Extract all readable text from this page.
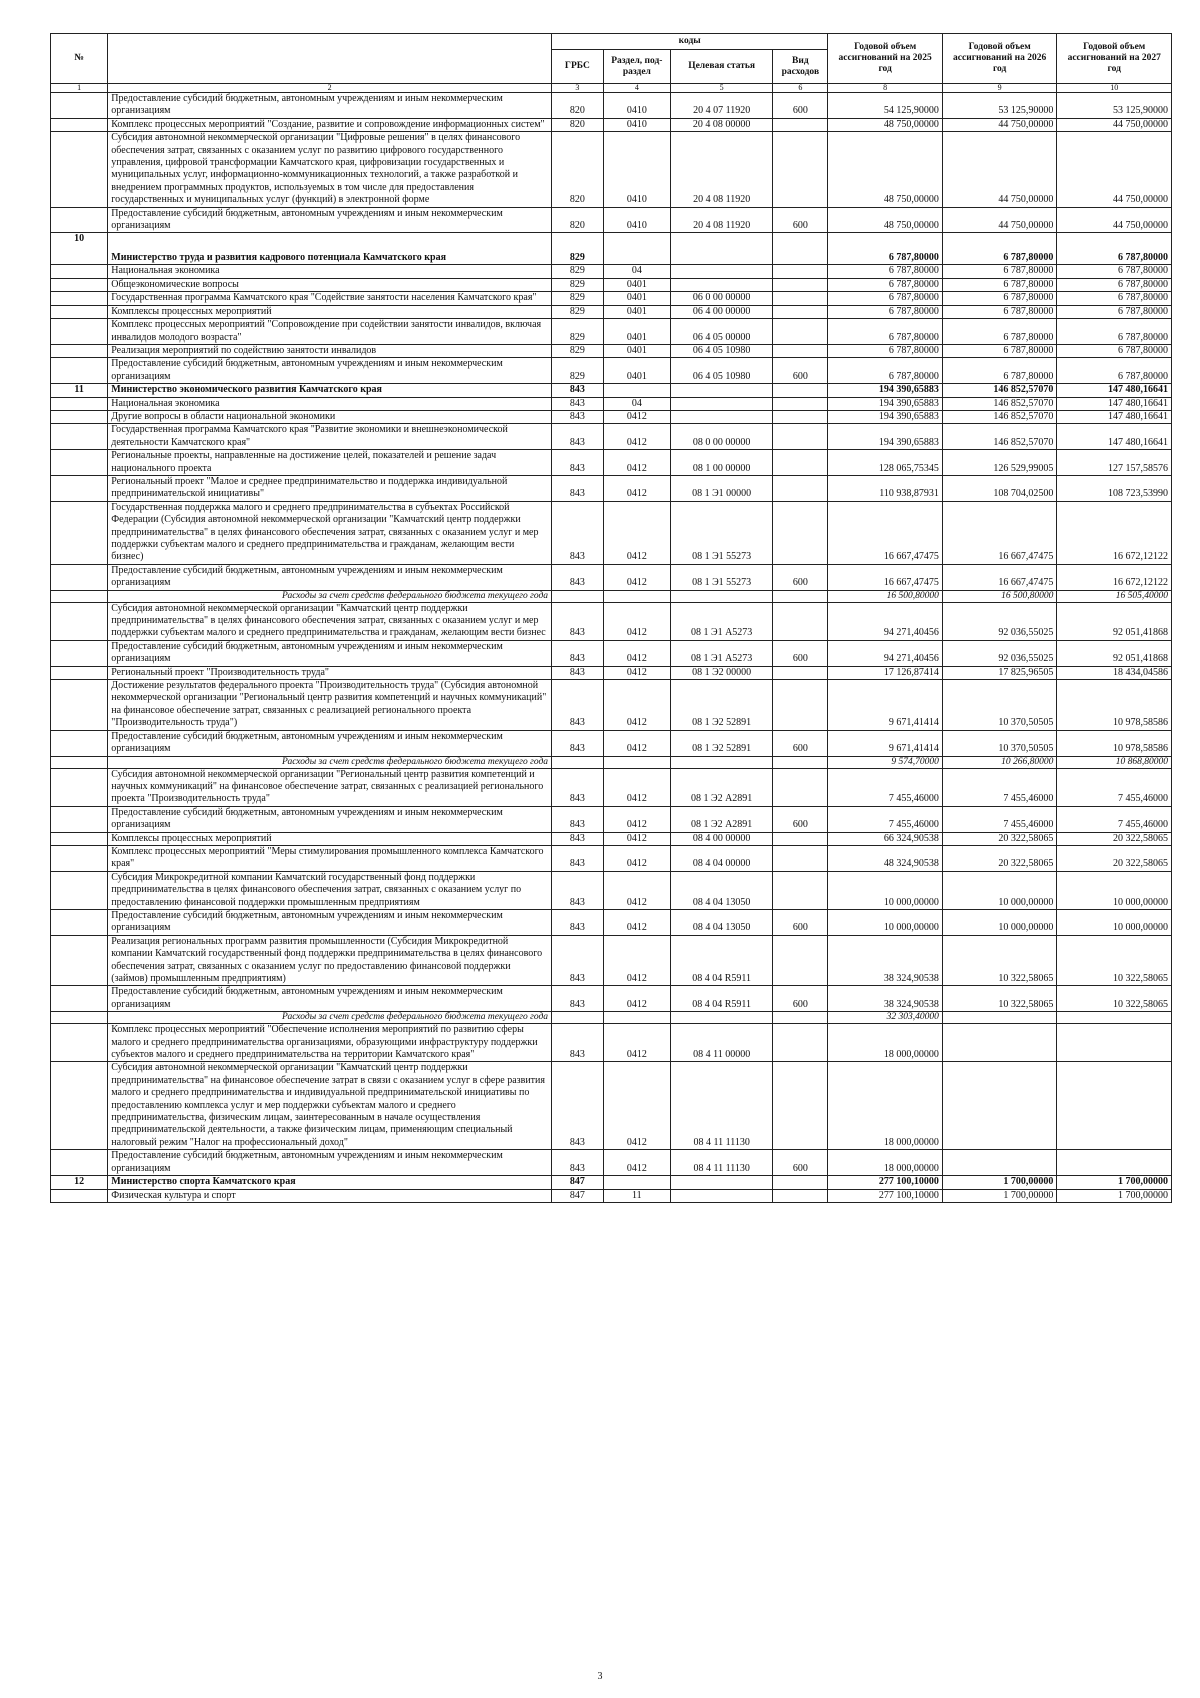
№		коды				Годовой объем ассигнований на 2025 год	Годовой объем ассигнований на 2026 год	Годовой объем ассигнований на 2027 год
		ГРБС	Раздел, под-раздел	Целевая статья	Вид расходов			
1	2	3	4	5	6	8	9	10
	Предоставление субсидий бюджетным, автономным учреждениям и иным некоммерческим организациям	820	0410	20 4 07 11920	600	54 125,90000	53 125,90000	53 125,90000
	Комплекс процессных мероприятий "Создание, развитие и сопровождение информационных систем"	820	0410	20 4 08 00000		48 750,00000	44 750,00000	44 750,00000
	Субсидия автономной некоммерческой организации "Цифровые решения" в целях финансового обеспечения затрат, связанных с оказанием услуг по развитию цифрового государственного управления, цифровой трансформации Камчатского края, цифровизации государственных и муниципальных услуг, информационно-коммуникационных технологий, а также разработкой и внедрением программных продуктов, используемых в том числе для предоставления государственных и муниципальных услуг (функций) в электронной форме	820	0410	20 4 08 11920		48 750,00000	44 750,00000	44 750,00000
	Предоставление субсидий бюджетным, автономным учреждениям и иным некоммерческим организациям	820	0410	20 4 08 11920	600	48 750,00000	44 750,00000	44 750,00000
10	Министерство труда и развития кадрового потенциала Камчатского края	829				6 787,80000	6 787,80000	6 787,80000
	Национальная экономика	829	04			6 787,80000	6 787,80000	6 787,80000
	Общеэкономические вопросы	829	0401			6 787,80000	6 787,80000	6 787,80000
	Государственная программа Камчатского края "Содействие занятости населения Камчатского края"	829	0401	06 0 00 00000		6 787,80000	6 787,80000	6 787,80000
	Комплексы процессных мероприятий	829	0401	06 4 00 00000		6 787,80000	6 787,80000	6 787,80000
	Комплекс процессных мероприятий "Сопровождение при содействии занятости инвалидов, включая инвалидов молодого возраста"	829	0401	06 4 05 00000		6 787,80000	6 787,80000	6 787,80000
	Реализация мероприятий по содействию занятости инвалидов	829	0401	06 4 05 10980		6 787,80000	6 787,80000	6 787,80000
	Предоставление субсидий бюджетным, автономным учреждениям и иным некоммерческим организациям	829	0401	06 4 05 10980	600	6 787,80000	6 787,80000	6 787,80000
11	Министерство экономического развития Камчатского края	843				194 390,65883	146 852,57070	147 480,16641
	Национальная экономика	843	04			194 390,65883	146 852,57070	147 480,16641
	Другие вопросы в области национальной экономики	843	0412			194 390,65883	146 852,57070	147 480,16641
	Государственная программа Камчатского края "Развитие экономики и внешнеэкономической деятельности Камчатского края"	843	0412	08 0 00 00000		194 390,65883	146 852,57070	147 480,16641
	Региональные проекты, направленные на достижение целей, показателей и решение задач национального проекта	843	0412	08 1 00 00000		128 065,75345	126 529,99005	127 157,58576
	Региональный проект "Малое и среднее предпринимательство и поддержка индивидуальной предпринимательской инициативы"	843	0412	08 1 Э1 00000		110 938,87931	108 704,02500	108 723,53990
	Государственная поддержка малого и среднего предпринимательства в субъектах Российской Федерации (Субсидия автономной некоммерческой организации "Камчатский центр поддержки предпринимательства" в целях финансового обеспечения затрат, связанных с оказанием услуг и мер поддержки субъектам малого и среднего предпринимательства и гражданам, желающим вести бизнес)	843	0412	08 1 Э1 55273		16 667,47475	16 667,47475	16 672,12122
	Предоставление субсидий бюджетным, автономным учреждениям и иным некоммерческим организациям	843	0412	08 1 Э1 55273	600	16 667,47475	16 667,47475	16 672,12122
	Расходы за счет средств федерального бюджета текущего года					16 500,80000	16 500,80000	16 505,40000
	Субсидия автономной некоммерческой организации "Камчатский центр поддержки предпринимательства" в целях финансового обеспечения затрат, связанных с оказанием услуг и мер поддержки субъектам малого и среднего предпринимательства и гражданам, желающим вести бизнес	843	0412	08 1 Э1 А5273		94 271,40456	92 036,55025	92 051,41868
	Предоставление субсидий бюджетным, автономным учреждениям и иным некоммерческим организациям	843	0412	08 1 Э1 А5273	600	94 271,40456	92 036,55025	92 051,41868
	Региональный проект "Производительность труда"	843	0412	08 1 Э2 00000		17 126,87414	17 825,96505	18 434,04586
	Достижение результатов федерального проекта "Производительность труда" (Субсидия автономной некоммерческой организации "Региональный центр развития компетенций и научных коммуникаций" на финансовое обеспечение затрат, связанных с реализацией регионального проекта "Производительность труда")	843	0412	08 1 Э2 52891		9 671,41414	10 370,50505	10 978,58586
	Предоставление субсидий бюджетным, автономным учреждениям и иным некоммерческим организациям	843	0412	08 1 Э2 52891	600	9 671,41414	10 370,50505	10 978,58586
	Расходы за счет средств федерального бюджета текущего года					9 574,70000	10 266,80000	10 868,80000
	Субсидия автономной некоммерческой организации "Региональный центр развития компетенций и научных коммуникаций" на финансовое обеспечение затрат, связанных с реализацией регионального проекта "Производительность труда"	843	0412	08 1 Э2 А2891		7 455,46000	7 455,46000	7 455,46000
	Предоставление субсидий бюджетным, автономным учреждениям и иным некоммерческим организациям	843	0412	08 1 Э2 А2891	600	7 455,46000	7 455,46000	7 455,46000
	Комплексы процессных мероприятий	843	0412	08 4 00 00000		66 324,90538	20 322,58065	20 322,58065
	Комплекс процессных мероприятий "Меры стимулирования промышленного комплекса Камчатского края"	843	0412	08 4 04 00000		48 324,90538	20 322,58065	20 322,58065
	Субсидия Микрокредитной компании Камчатский государственный фонд поддержки предпринимательства в целях финансового обеспечения затрат, связанных с оказанием услуг по предоставлению финансовой поддержки промышленным предприятиям	843	0412	08 4 04 13050		10 000,00000	10 000,00000	10 000,00000
	Предоставление субсидий бюджетным, автономным учреждениям и иным некоммерческим организациям	843	0412	08 4 04 13050	600	10 000,00000	10 000,00000	10 000,00000
	Реализация региональных программ развития промышленности (Субсидия Микрокредитной компании Камчатский государственный фонд поддержки предпринимательства в целях финансового обеспечения затрат, связанных с оказанием услуг по предоставлению финансовой поддержки (займов) промышленным предприятиям)	843	0412	08 4 04 R5911		38 324,90538	10 322,58065	10 322,58065
	Предоставление субсидий бюджетным, автономным учреждениям и иным некоммерческим организациям	843	0412	08 4 04 R5911	600	38 324,90538	10 322,58065	10 322,58065
	Расходы за счет средств федерального бюджета текущего года					32 303,40000		
	Комплекс процессных мероприятий "Обеспечение исполнения мероприятий по развитию сферы малого и среднего предпринимательства организациями, образующими инфраструктуру поддержки субъектов малого и среднего предпринимательства на территории Камчатского края"	843	0412	08 4 11 00000		18 000,00000		
	Субсидия автономной некоммерческой организации "Камчатский центр поддержки предпринимательства" на финансовое обеспечение затрат в связи с оказанием услуг в сфере развития малого и среднего предпринимательства и индивидуальной предпринимательской инициативы по предоставлению комплекса услуг и мер поддержки субъектам малого и среднего предпринимательства, физическим лицам, заинтересованным в начале осуществления предпринимательской деятельности, а также физическим лицам, применяющим специальный налоговый режим "Налог на профессиональный доход"	843	0412	08 4 11 11130		18 000,00000		
	Предоставление субсидий бюджетным, автономным учреждениям и иным некоммерческим организациям	843	0412	08 4 11 11130	600	18 000,00000		
12	Министерство спорта Камчатского края	847				277 100,10000	1 700,00000	1 700,00000
	Физическая культура и спорт	847	11			277 100,10000	1 700,00000	1 700,00000
3
